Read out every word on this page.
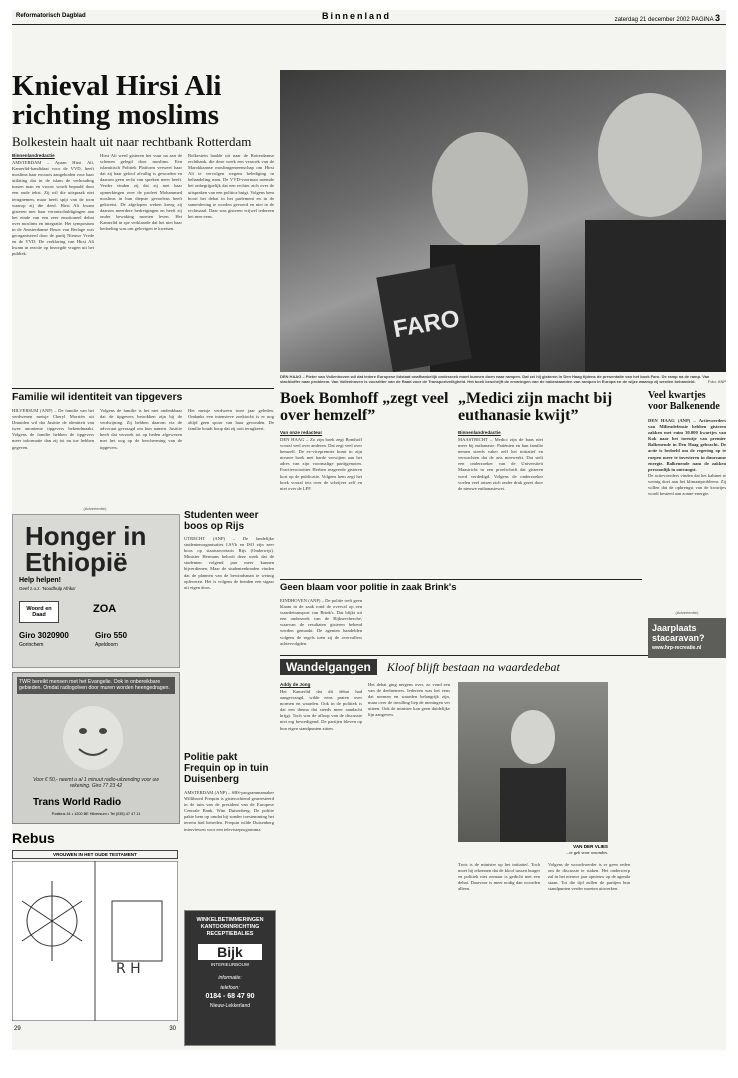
Reformatorisch Dagblad	Binnenland	zaterdag 21 december 2002 PAGINA 3
Knieval Hirsi Ali
richting moslims
Bolkestein haalt uit naar rechtbank Rotterdam

Binnenlandredactie

AMSTERDAM – Ayaan Hirsi Ali, Kamerlid-kandidaat voor de VVD, heeft moslims haar excuses aangeboden voor haar uitlating dat in de islam de verhouding tussen man en vrouw wordt bepaald door een oude tekst. Zij wil die uitspraak niet terugnemen, maar heeft spijt van de toon waarop zij die deed. Hirsi Ali kwam gisteren met haar verontschuldigingen aan het einde van een zeer emotioneel debat over moslims en integratie. Het symposium in de Amsterdamse Beurs van Berlage was georganiseerd door de partij Nieuwe Vrede en de VVD. De verklaring van Hirsi Ali kwam in reactie op bezorgde vragen uit het publiek.

Hirsi Ali werd gisteren het vuur na aan de schenen gelegd door moslims. Een islamitisch Politiek Platform verweet haar dat zij haar geloof afvallig is geworden en daarom geen recht van spreken meer heeft. Verder vinden zij dat zij met haar opmerkingen over de profeet Mohammed moslims in hun diepste gevoelens heeft gekwetst. De afgelopen weken kreeg zij daarom meerdere bedreigingen en heeft zij onder bewaking moeten leven. Het Kamerlid in spe verklaarde dat het niet haar bedoeling was om gelovigen te kwetsen.

Bolkestein haalde uit naar de Rotterdamse rechtbank, die deze week een verzoek van de Marokkaanse moslimgemeenschap om Hirsi Ali te vervolgen wegens belediging in behandeling nam. De VVD-voorman noemde het onbegrijpelijk dat een rechter zich over de uitspraken van een politica buigt. Volgens hem hoort het debat in het parlement en in de samenleving te worden gevoerd en niet in de rechtszaal. Daar was gisteren vrijwel iedereen het mee eens.

FARO
DEN HAAG – Pieter van Vollenhoven wil dat iedere Europese lidstaat onafhankelijk onderzoek moet kunnen doen naar rampen. Dat zei hij gisteren in Den Haag tijdens de presentatie van het boek Faro. De ramp na de ramp. Van slachtoffer naar probleem. Van Vollenhoven is voorzitter van de Raad voor de Transportveiligheid. Het boek beschrijft de ervaringen van de nabestaanden van rampen in Europa en de wijze waarop zij werden behandeld.	Foto: ANP
Familie wil identiteit van tipgevers

HILVERSUM (ANP) – De familie van het verdwenen meisje Cheryl Morriën uit IJmuiden wil dat Justitie de identiteit van twee anonieme tipgevers bekendmaakt. Volgens de familie hebben de tipgevers meer informatie dan zij tot nu toe hebben gegeven.

Volgens de familie is het niet ondenkbaar dat de tipgevers betrokken zijn bij de verdwijning. Zij hebben daarom via de advocaat gevraagd om hun namen. Justitie heeft dat verzoek tot op heden afgewezen met het oog op de bescherming van de tipgevers.

Het meisje verdween twee jaar geleden. Ondanks een intensieve zoektocht is er nog altijd geen spoor van haar gevonden. De familie houdt hoop dat zij ooit terugkeert.

(Advertentie)
Honger in Ethiopië
Help helpen!
Geef z.o.z. 'Noodhulp Afrika'
Woord en Daad	ZOA
Giro 3020900
Gorinchem
Giro 550
Apeldoorn
TWR bereikt mensen met het Evangelie. Ook in onbereikbare gebieden. Omdat radiogolven door muren worden heengedragen.
Voor € 50,- neemt u al 1 minuut radio-uitzending voor uw rekening. Giro 77 23 42
Trans World Radio
Postbus 41 • 1200 BE Hilversum • Tel (035) 47 47 11
Rebus
VROUWEN IN HET OUDE TESTAMENT
R H
29	30
Studenten weer boos op Rijs

UTRECHT (ANP) – De landelijke studentenorganisaties LSVb en ISO zijn zeer boos op staatssecretaris Rijs (Onderwijs). Minister Hermans belooft deze week dat de studenten volgend jaar meer kunnen bijverdienen. Maar de studentenbonden vinden dat de plannen van de bewindsman te weinig opleveren. Het is volgens de bonden een sigaar uit eigen doos.

Politie pakt Frequin op in tuin Duisenberg

AMSTERDAM (ANP) – SBS-programmamaker Willibrord Frequin is gisterochtend gearresteerd in de tuin van de president van de Europese Centrale Bank, Wim Duisenberg. De politie pakte hem op omdat hij zonder toestemming het terrein had betreden. Frequin wilde Duisenberg interviewen voor een televisieprogramma.

WINKELBETIMMERINGEN
KANTOORINRICHTING
RECEPTIEBALIES
Bijk
INTERIEURBOUW
informatie:
telefoon:
0184 - 68 47 90
Nieuw-Lekkerland
Boek Bomhoff „zegt veel over hemzelf”

Van onze redacteur

DEN HAAG – Zo zijn boek zegt Bomhoff vooral veel over anderen. Dat zegt veel over hemzelf. De ex-vicepremier komt in zijn nieuwe boek met harde verwijten aan het adres van zijn voormalige partijgenoten. Fractievoorzitter Herben reageerde gisteren kort op de publicatie. Volgens hem zegt het boek vooral iets over de schrijver zelf en niet over de LPF.

„Medici zijn macht bij euthanasie kwijt”

Binnenlandredactie

MAASTRICHT – Medici zijn de baas niet meer bij euthanasie. Patiënten en hun familie nemen steeds vaker zelf het initiatief en verwachten dat de arts meewerkt. Dat stelt een onderzoeker van de Universiteit Maastricht in een proefschrift dat gisteren werd verdedigd. Volgens de onderzoeker voelen veel artsen zich onder druk gezet door de nieuwe euthanasiewet.

Geen blaam voor politie in zaak Brink's

EINDHOVEN (ANP) – De politie treft geen blaam in de zaak rond de overval op een waardetransport van Brink's. Dat blijkt uit een onderzoek van de Rijksrecherche, waarvan de resultaten gisteren bekend werden gemaakt. De agenten handelden volgens de regels toen zij de overvallers achtervolgden.

Wandelgangen Kloof blijft bestaan na waardedebat

Addy de Jong

Het Kamerlid dat dit debat had aangevraagd, wilde eens praten over normen en waarden. Ook in de politiek is dat een thema dat steeds meer aandacht krijgt. Toch was de afloop van de discussie niet erg bevredigend. De partijen bleven op hun eigen standpunten zitten.

Het debat ging nergens over, zo vond een van de deelnemers. Iedereen was het eens dat normen en waarden belangrijk zijn, maar over de invulling liep de meningen ver uiteen. Ook de minister kon geen duidelijke lijn aangeven.

VAN DER VLIES
...te gek voor woorden.

Trots is de minister op het initiatief. Toch moet hij erkennen dat de kloof tussen burger en politiek niet zomaar is gedicht met een debat. Daarvoor is meer nodig dan woorden alleen.

Volgens de woordvoerder is er geen reden om de discussie te staken. Het onderwerp zal in het nieuwe jaar opnieuw op de agenda staan. Tot die tijd zullen de partijen hun standpunten verder moeten uitwerken.

Veel kwartjes voor Balkenende

DEN HAAG (ANP) – Actievoerders van Milieudefensie hebben gisteren zakken met ruim 30.000 kwartjes van Kok naar het torentje van premier Balkenende in Den Haag gebracht. De actie is bedoeld om de regering op te roepen meer te investeren in duurzame energie. Balkenende nam de zakken persoonlijk in ontvangst.

De actievoerders vinden dat het kabinet te weinig doet aan het klimaatprobleem. Zij willen dat de opbrengst van de kwartjes wordt besteed aan zonne-energie.

(Advertentie)
Jaarplaats stacaravan?
www.hrp-recreatie.nl
